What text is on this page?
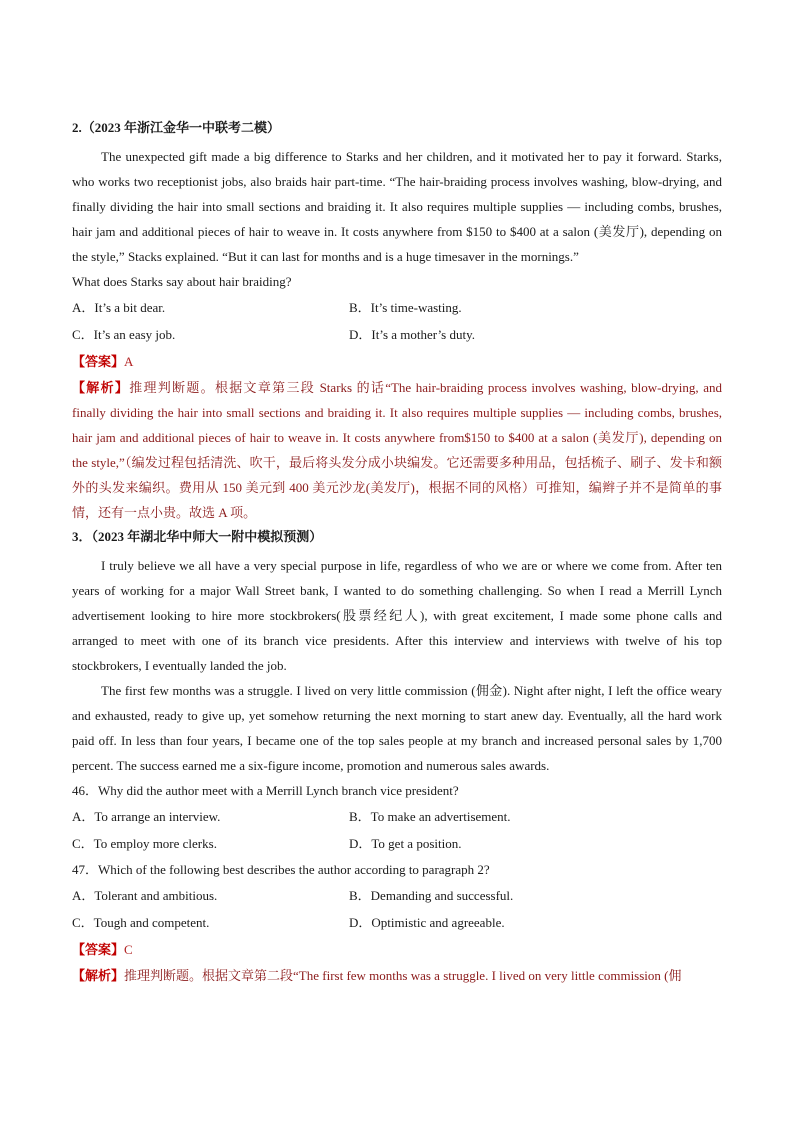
2.（2023 年浙江金华一中联考二模）

The unexpected gift made a big difference to Starks and her children, and it motivated her to pay it forward. Starks, who works two receptionist jobs, also braids hair part-time. “The hair-braiding process involves washing, blow-drying, and finally dividing the hair into small sections and braiding it. It also requires multiple supplies — including combs, brushes, hair jam and additional pieces of hair to weave in. It costs anywhere from $150 to $400 at a salon (美发厅), depending on the style,” Stacks explained. “But it can last for months and is a huge timesaver in the mornings.”

What does Starks say about hair braiding?

A．It’s a bit dear.	B．It’s time-wasting.
C．It’s an easy job.	D．It’s a mother’s duty.

【答案】A

【解析】推理判断题。根据文章第三段 Starks 的话“The hair-braiding process involves washing, blow-drying, and finally dividing the hair into small sections and braiding it. It also requires multiple supplies — including combs, brushes, hair jam and additional pieces of hair to weave in. It costs anywhere from$150 to $400 at a salon (美发厅), depending on the style,”（编发过程包括清洗、吹干，最后将头发分成小块编发。它还需要多种用品，包括梳子、刷子、发卡和额外的头发来编织。费用从 150 美元到 400 美元沙龙(美发厅)，根据不同的风格）可推知，编辫子并不是简单的事情，还有一点小贵。故选 A 项。

3．（2023 年湖北华中师大一附中模拟预测）

I truly believe we all have a very special purpose in life, regardless of who we are or where we come from. After ten years of working for a major Wall Street bank, I wanted to do something challenging. So when I read a Merrill Lynch advertisement looking to hire more stockbrokers(股票经纪人), with great excitement, I made some phone calls and arranged to meet with one of its branch vice presidents. After this interview and interviews with twelve of his top stockbrokers, I eventually landed the job.

The first few months was a struggle. I lived on very little commission (佣金). Night after night, I left the office weary and exhausted, ready to give up, yet somehow returning the next morning to start anew day. Eventually, all the hard work paid off. In less than four years, I became one of the top sales people at my branch and increased personal sales by 1,700 percent. The success earned me a six-figure income, promotion and numerous sales awards.

46．Why did the author meet with a Merrill Lynch branch vice president?

A．To arrange an interview.	B．To make an advertisement.
C．To employ more clerks.	D．To get a position.

47．Which of the following best describes the author according to paragraph 2?

A．Tolerant and ambitious.	B．Demanding and successful.
C．Tough and competent.	D．Optimistic and agreeable.

【答案】C

【解析】推理判断题。根据文章第二段“The first few months was a struggle. I lived on very little commission (佣
